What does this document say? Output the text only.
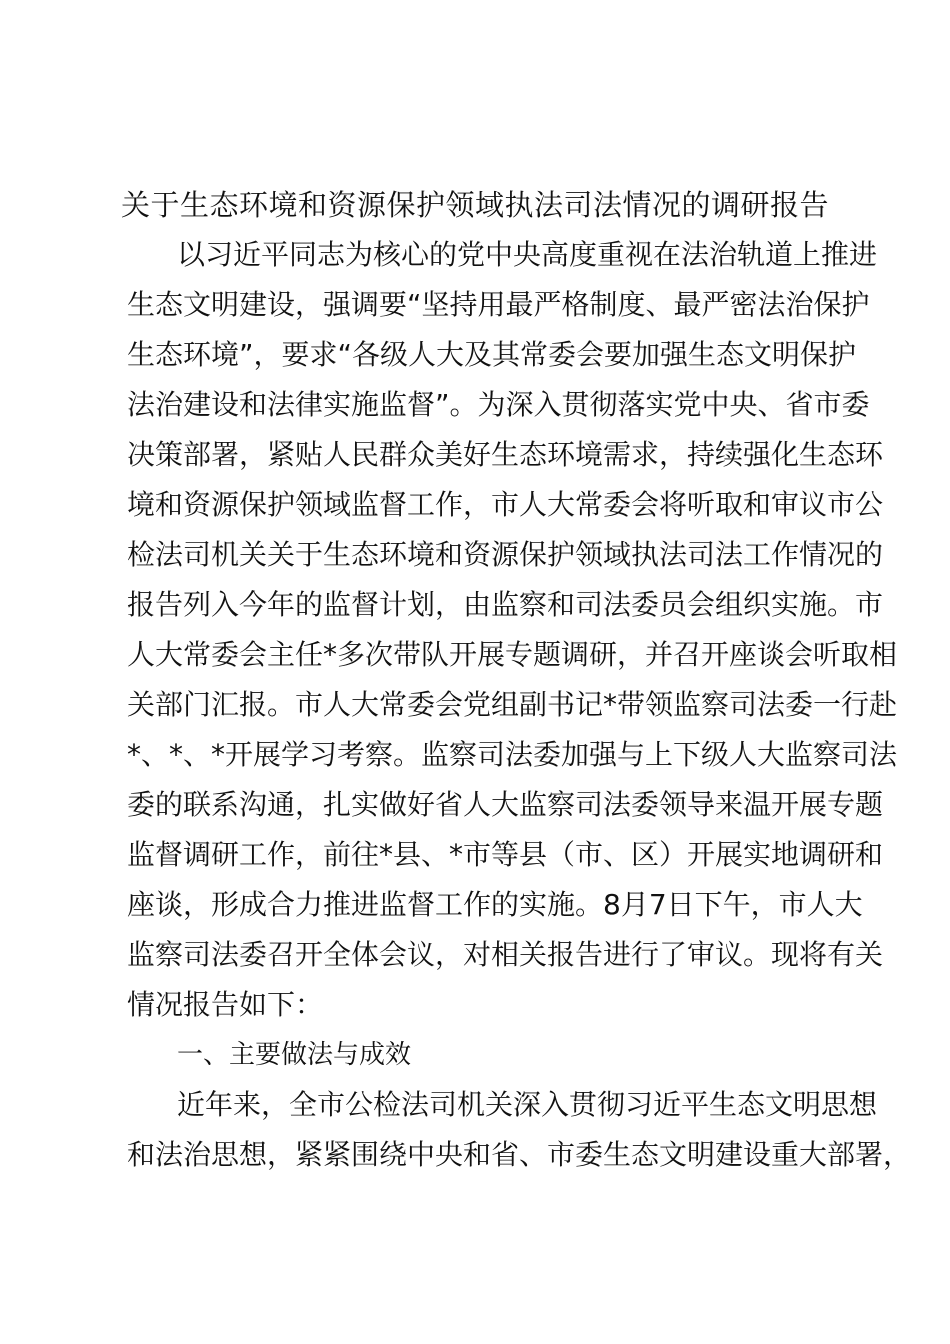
关于生态环境和资源保护领域执法司法情况的调研报告
以习近平同志为核心的党中央高度重视在法治轨道上推进
生态文明建设，强调要“坚持用最严格制度、最严密法治保护
生态环境”，要求“各级人大及其常委会要加强生态文明保护
法治建设和法律实施监督”。为深入贯彻落实党中央、省市委
决策部署，紧贴人民群众美好生态环境需求，持续强化生态环
境和资源保护领域监督工作，市人大常委会将听取和审议市公
检法司机关关于生态环境和资源保护领域执法司法工作情况的
报告列入今年的监督计划，由监察和司法委员会组织实施。市
人大常委会主任*多次带队开展专题调研，并召开座谈会听取相
关部门汇报。市人大常委会党组副书记*带领监察司法委一行赴
*、*、*开展学习考察。监察司法委加强与上下级人大监察司法
委的联系沟通，扎实做好省人大监察司法委领导来温开展专题
监督调研工作，前往*县、*市等县（市、区）开展实地调研和
座谈，形成合力推进监督工作的实施。8月7日下午，市人大
监察司法委召开全体会议，对相关报告进行了审议。现将有关
情况报告如下：
一、主要做法与成效
近年来，全市公检法司机关深入贯彻习近平生态文明思想
和法治思想，紧紧围绕中央和省、市委生态文明建设重大部署，
